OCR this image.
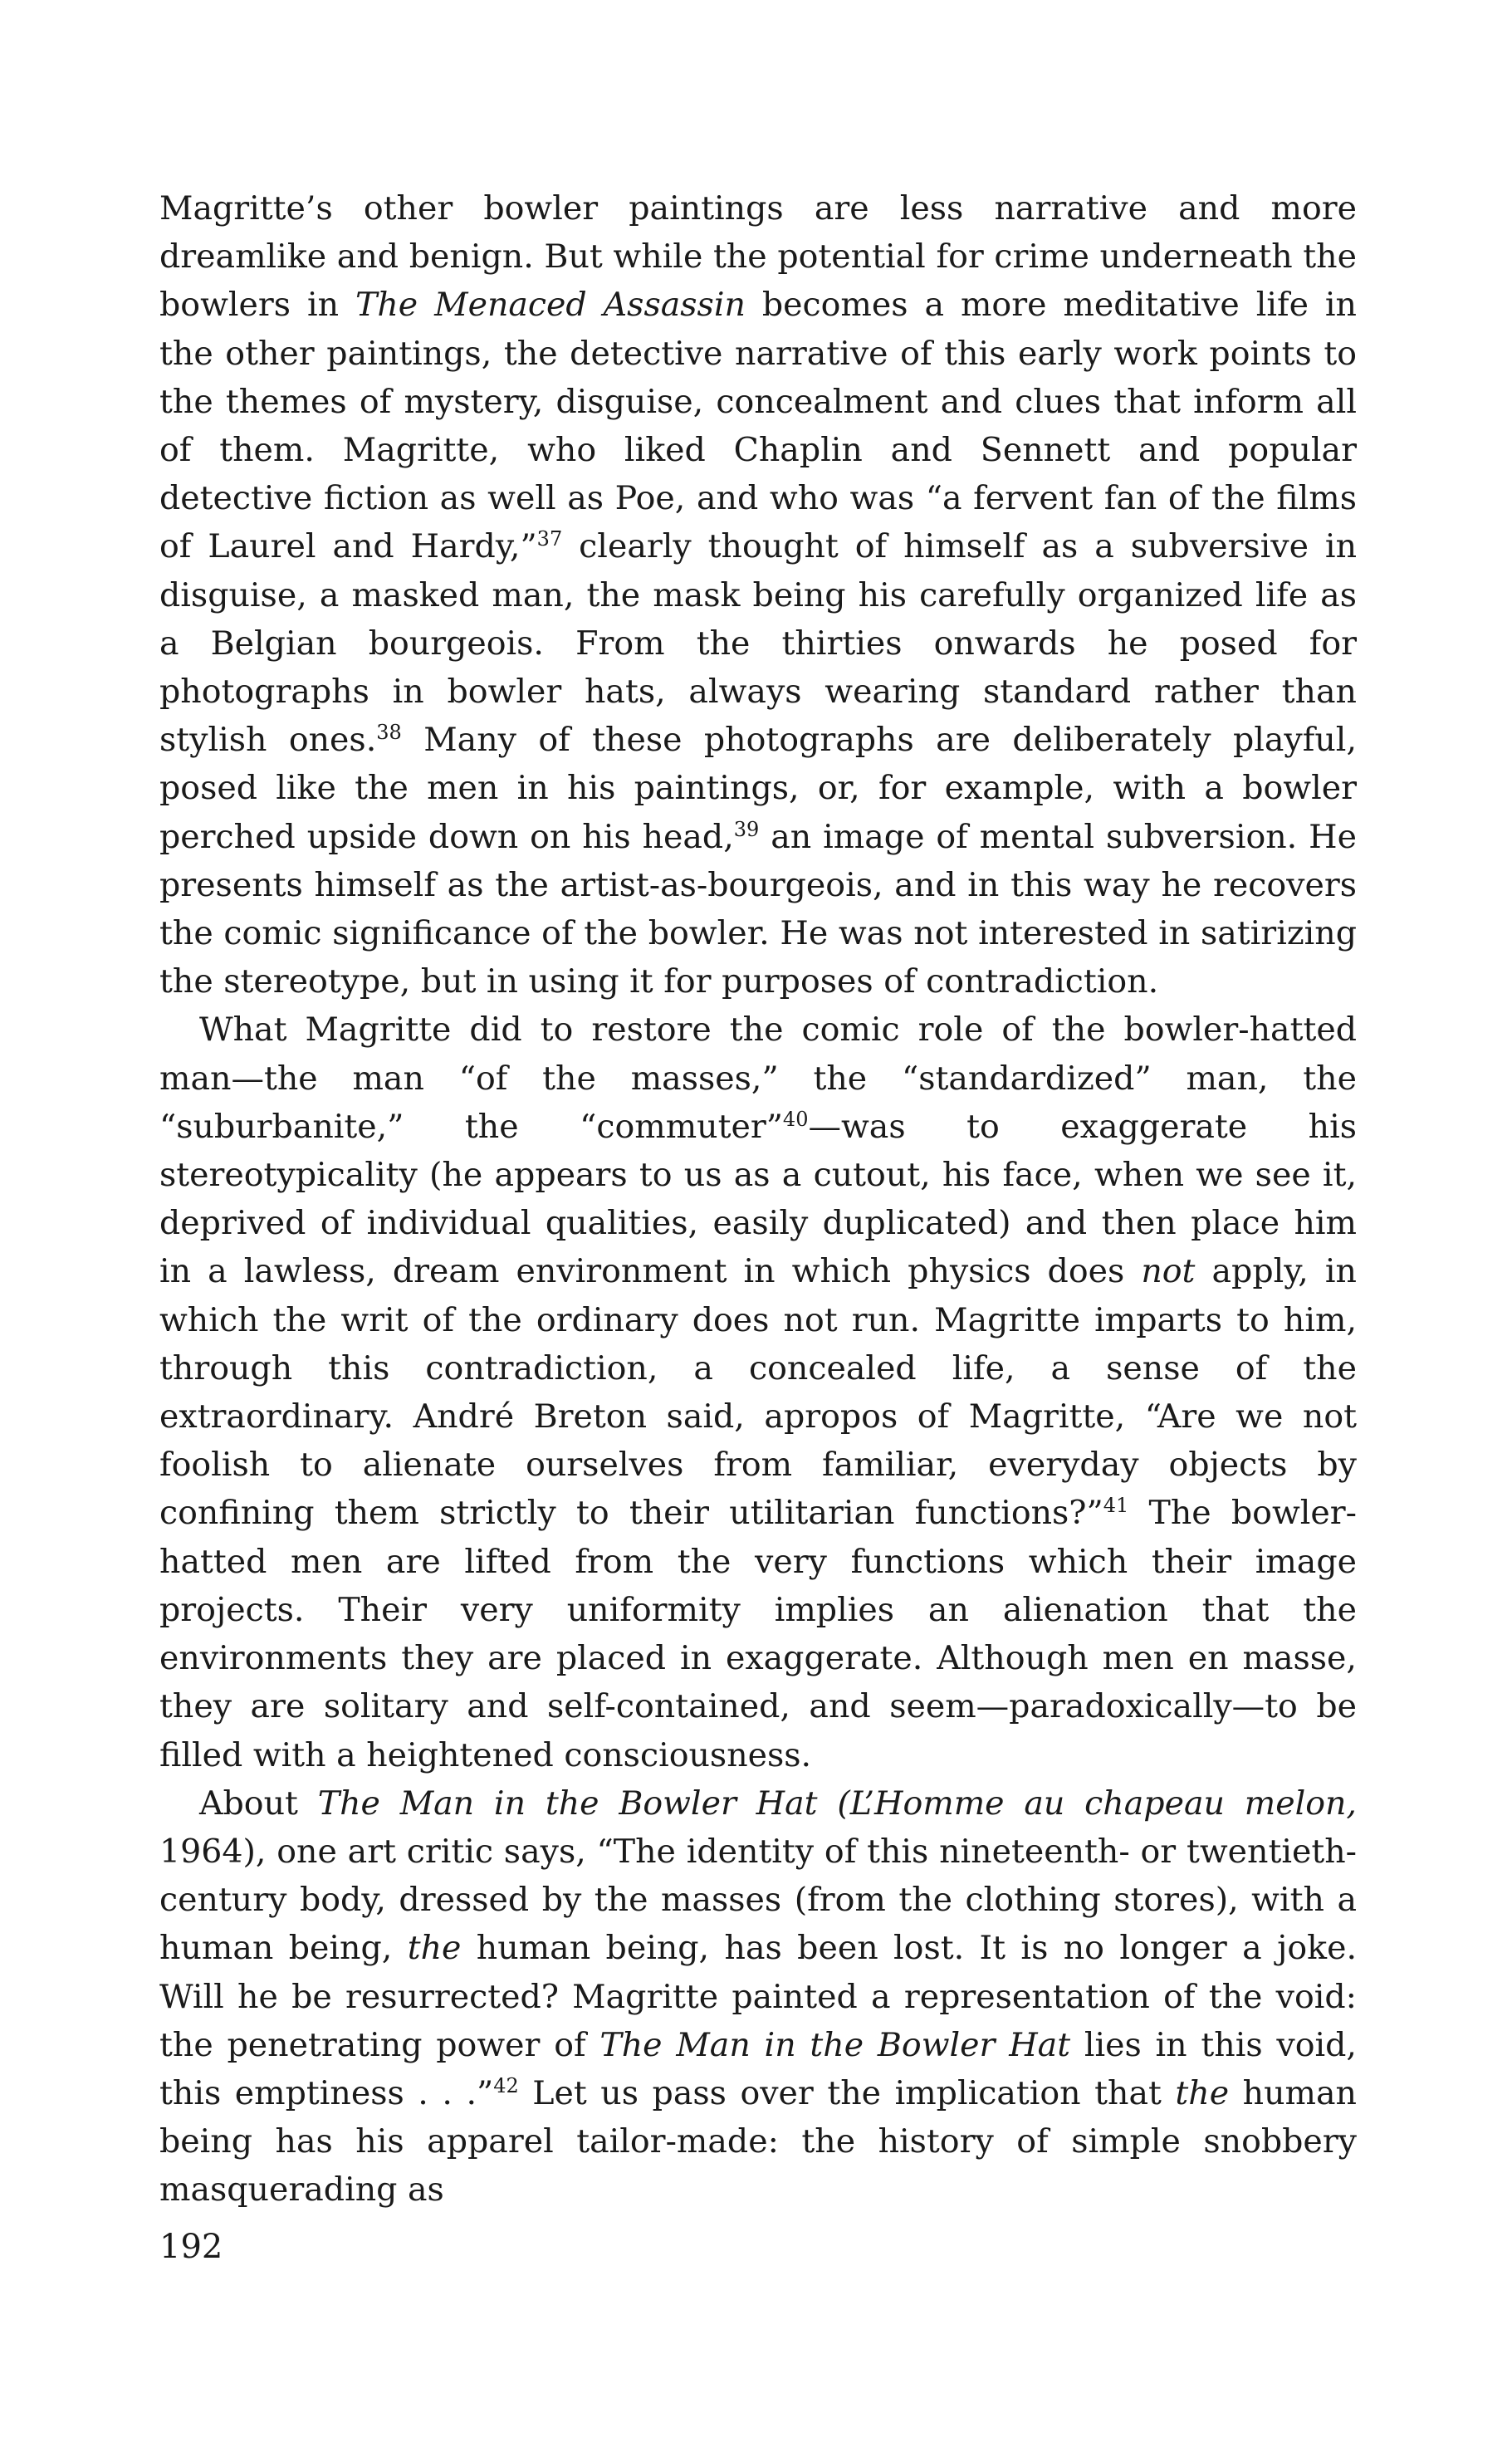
Magritte’s other bowler paintings are less narrative and more dreamlike and benign. But while the potential for crime underneath the bowlers in The Menaced Assassin becomes a more meditative life in the other paintings, the detective narrative of this early work points to the themes of mystery, disguise, concealment and clues that inform all of them. Magritte, who liked Chaplin and Sennett and popular detective fiction as well as Poe, and who was “a fervent fan of the films of Laurel and Hardy,”$^{37}$ clearly thought of himself as a subversive in disguise, a masked man, the mask being his carefully organized life as a Belgian bourgeois. From the thirties onwards he posed for photographs in bowler hats, always wearing standard rather than stylish ones.$^{38}$ Many of these photographs are deliberately playful, posed like the men in his paintings, or, for example, with a bowler perched upside down on his head,$^{39}$ an image of mental subversion. He presents himself as the artist-as-bourgeois, and in this way he recovers the comic significance of the bowler. He was not interested in satirizing the stereotype, but in using it for purposes of contradiction.

What Magritte did to restore the comic role of the bowler-hatted man—the man “of the masses,” the “standardized” man, the “suburbanite,” the “commuter”$^{40}$—was to exaggerate his stereotypicality (he appears to us as a cutout, his face, when we see it, deprived of individual qualities, easily duplicated) and then place him in a lawless, dream environment in which physics does not apply, in which the writ of the ordinary does not run. Magritte imparts to him, through this contradiction, a concealed life, a sense of the extraordinary. André Breton said, apropos of Magritte, “Are we not foolish to alienate ourselves from familiar, everyday objects by confining them strictly to their utilitarian functions?”$^{41}$ The bowler-hatted men are lifted from the very functions which their image projects. Their very uniformity implies an alienation that the environments they are placed in exaggerate. Although men en masse, they are solitary and self-contained, and seem—paradoxically—to be filled with a heightened consciousness.

About The Man in the Bowler Hat (L’Homme au chapeau melon, 1964), one art critic says, “The identity of this nineteenth- or twentieth-century body, dressed by the masses (from the clothing stores), with a human being, the human being, has been lost. It is no longer a joke. Will he be resurrected? Magritte painted a representation of the void: the penetrating power of The Man in the Bowler Hat lies in this void, this emptiness . . .”$^{42}$ Let us pass over the implication that the human being has his apparel tailor-made: the history of simple snobbery masquerading as

192
